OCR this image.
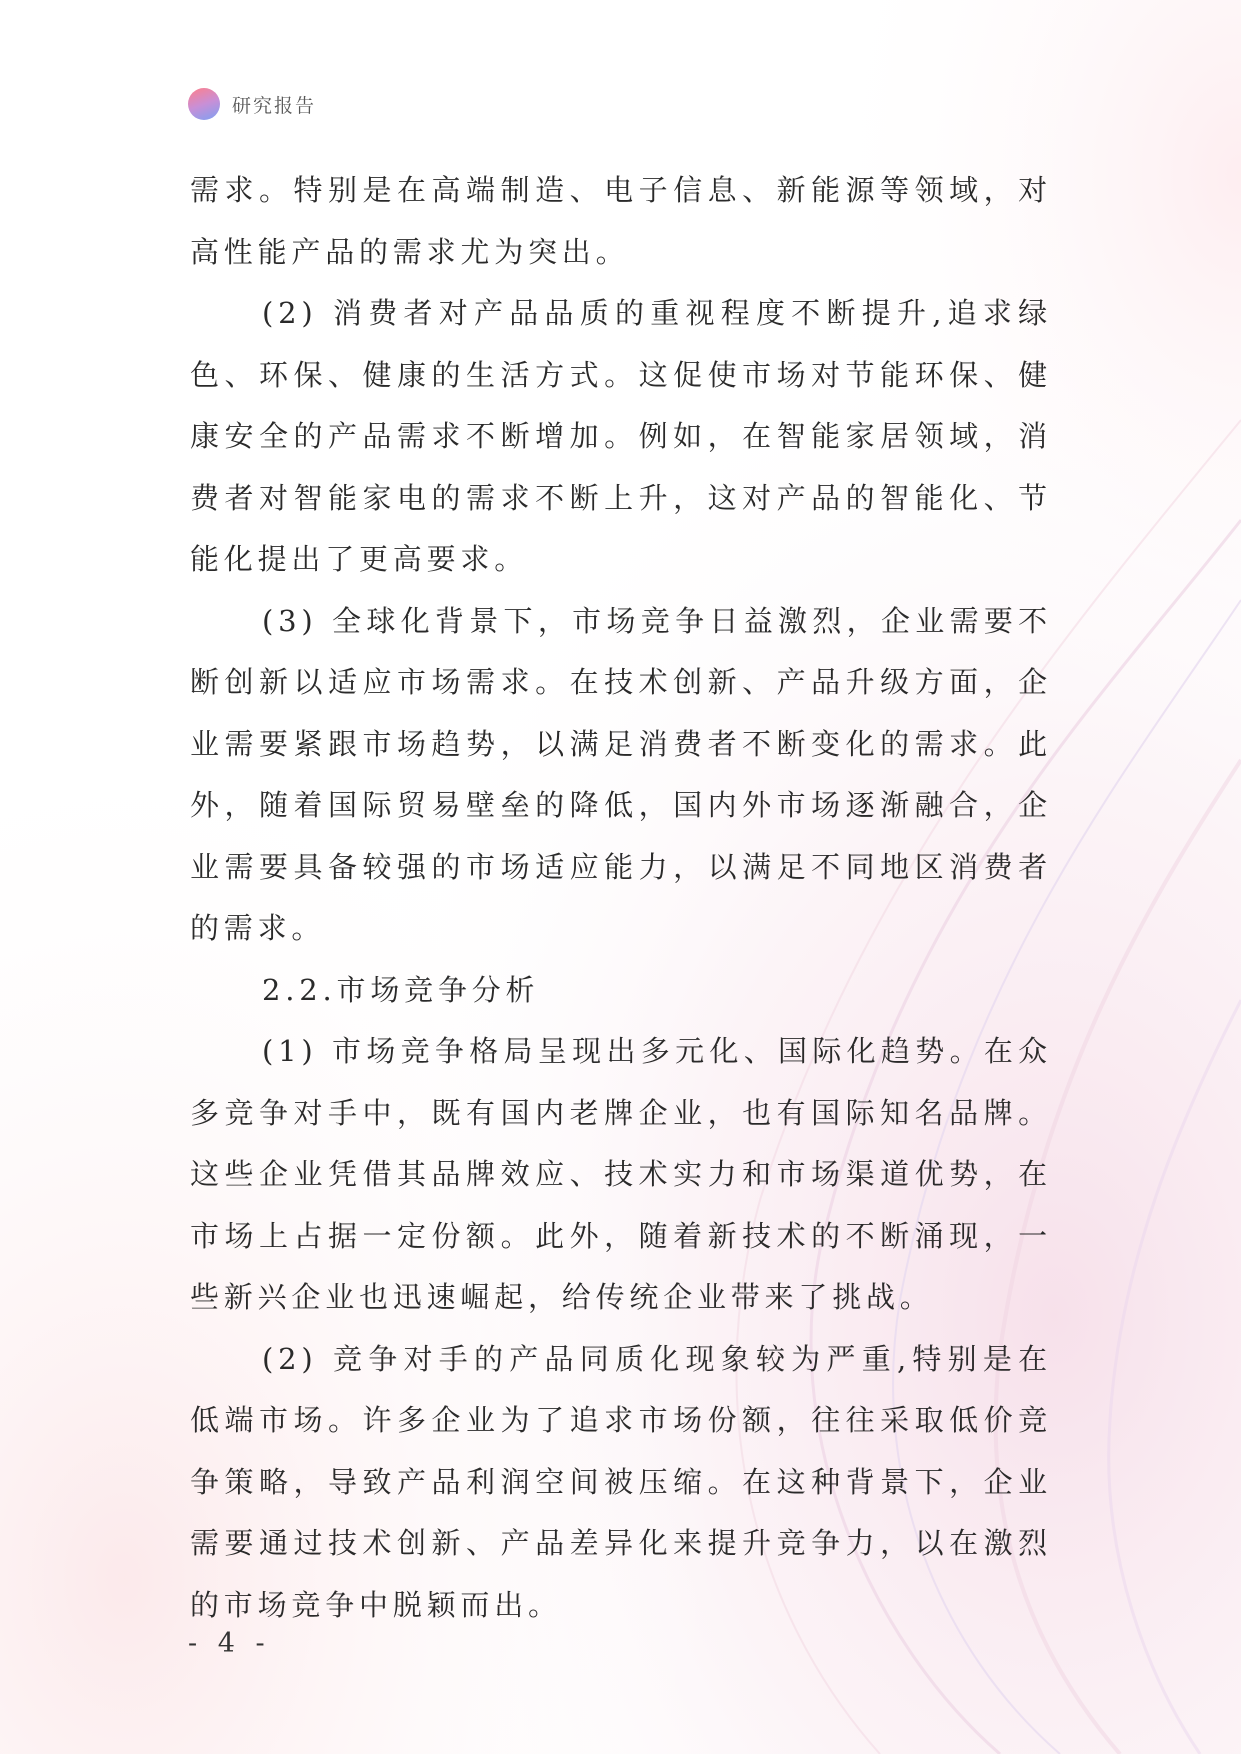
研究报告

需求。特别是在高端制造、电子信息、新能源等领域，对高性能产品的需求尤为突出。

(2) 消费者对产品品质的重视程度不断提升,追求绿色、环保、健康的生活方式。这促使市场对节能环保、健康安全的产品需求不断增加。例如，在智能家居领域，消费者对智能家电的需求不断上升，这对产品的智能化、节能化提出了更高要求。

(3) 全球化背景下，市场竞争日益激烈，企业需要不断创新以适应市场需求。在技术创新、产品升级方面，企业需要紧跟市场趋势，以满足消费者不断变化的需求。此外，随着国际贸易壁垒的降低，国内外市场逐渐融合，企业需要具备较强的市场适应能力，以满足不同地区消费者的需求。

2.2.市场竞争分析

(1) 市场竞争格局呈现出多元化、国际化趋势。在众多竞争对手中，既有国内老牌企业，也有国际知名品牌。这些企业凭借其品牌效应、技术实力和市场渠道优势，在市场上占据一定份额。此外，随着新技术的不断涌现，一些新兴企业也迅速崛起，给传统企业带来了挑战。

(2) 竞争对手的产品同质化现象较为严重,特别是在低端市场。许多企业为了追求市场份额，往往采取低价竞争策略，导致产品利润空间被压缩。在这种背景下，企业需要通过技术创新、产品差异化来提升竞争力，以在激烈的市场竞争中脱颖而出。

- 4 -
